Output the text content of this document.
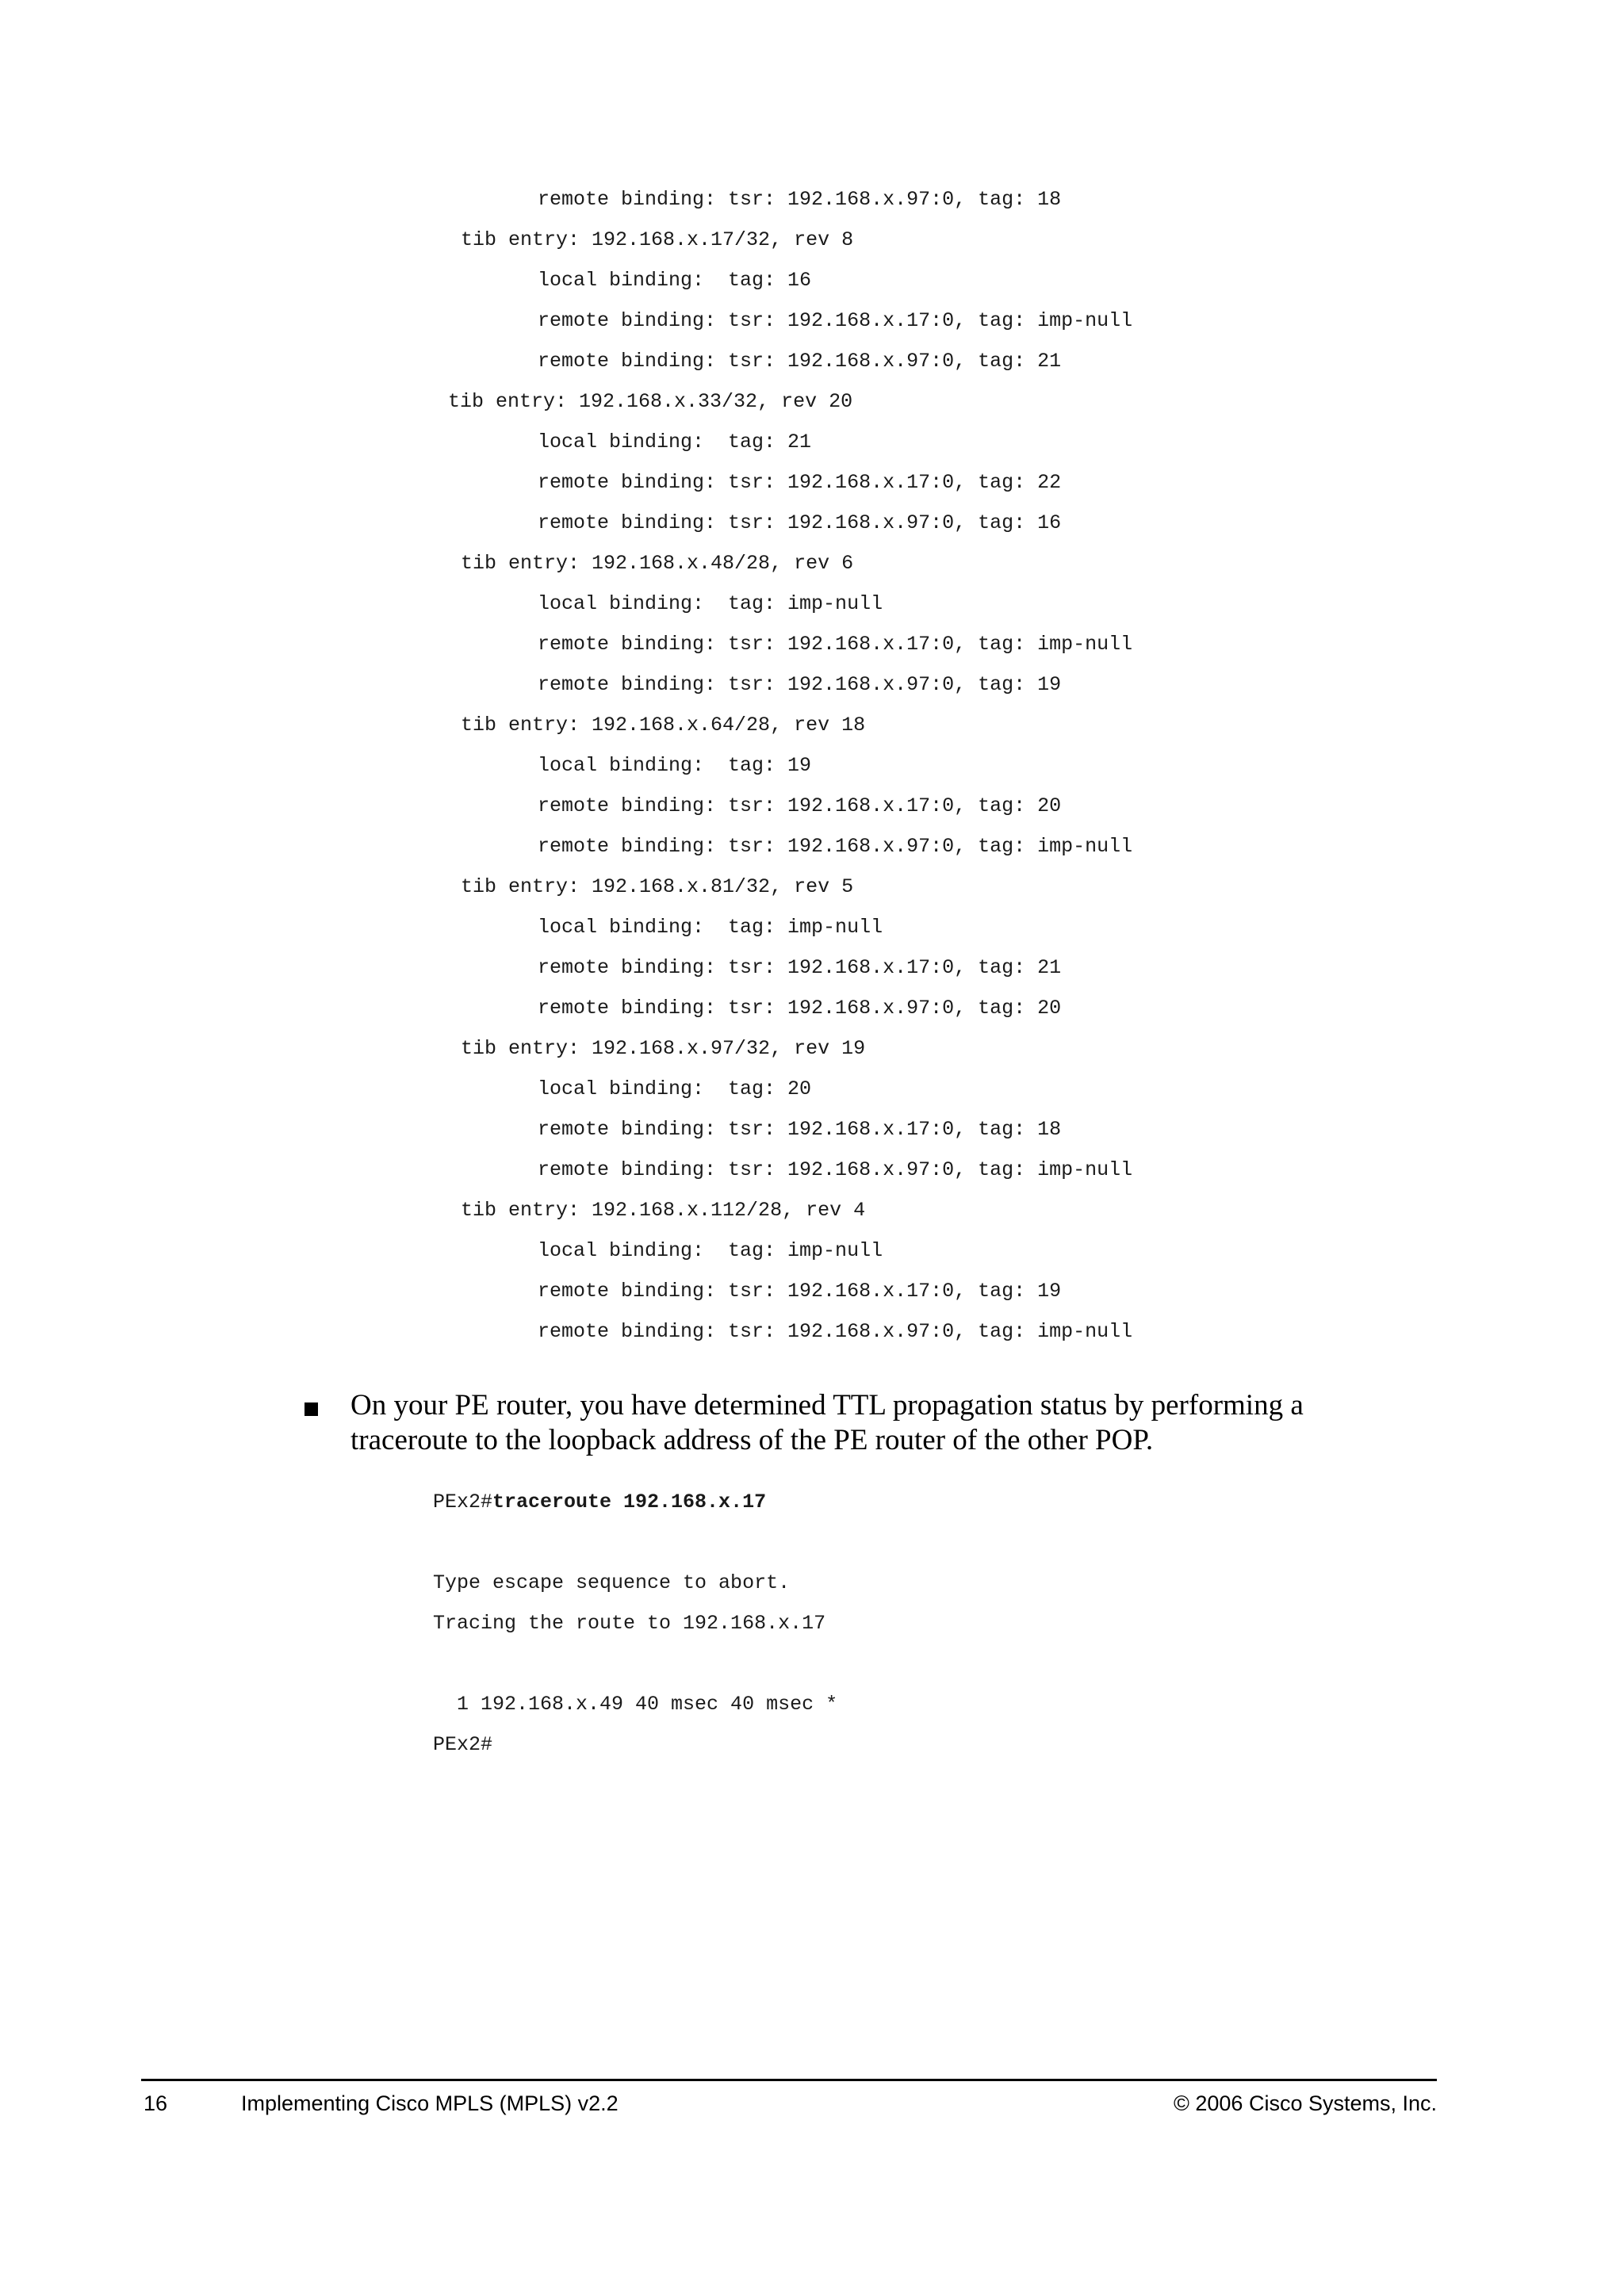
remote binding: tsr: 192.168.x.97:0, tag: 18
tib entry: 192.168.x.17/32, rev 8
local binding:  tag: 16
remote binding: tsr: 192.168.x.17:0, tag: imp-null
remote binding: tsr: 192.168.x.97:0, tag: 21
tib entry: 192.168.x.33/32, rev 20
local binding:  tag: 21
remote binding: tsr: 192.168.x.17:0, tag: 22
remote binding: tsr: 192.168.x.97:0, tag: 16
tib entry: 192.168.x.48/28, rev 6
local binding:  tag: imp-null
remote binding: tsr: 192.168.x.17:0, tag: imp-null
remote binding: tsr: 192.168.x.97:0, tag: 19
tib entry: 192.168.x.64/28, rev 18
local binding:  tag: 19
remote binding: tsr: 192.168.x.17:0, tag: 20
remote binding: tsr: 192.168.x.97:0, tag: imp-null
tib entry: 192.168.x.81/32, rev 5
local binding:  tag: imp-null
remote binding: tsr: 192.168.x.17:0, tag: 21
remote binding: tsr: 192.168.x.97:0, tag: 20
tib entry: 192.168.x.97/32, rev 19
local binding:  tag: 20
remote binding: tsr: 192.168.x.17:0, tag: 18
remote binding: tsr: 192.168.x.97:0, tag: imp-null
tib entry: 192.168.x.112/28, rev 4
local binding:  tag: imp-null
remote binding: tsr: 192.168.x.17:0, tag: 19
remote binding: tsr: 192.168.x.97:0, tag: imp-null
On your PE router, you have determined TTL propagation status by performing a traceroute to the loopback address of the PE router of the other POP.
PEx2#traceroute 192.168.x.17
Type escape sequence to abort.
Tracing the route to 192.168.x.17
1 192.168.x.49 40 msec 40 msec *
PEx2#
16	Implementing Cisco MPLS (MPLS) v2.2	© 2006 Cisco Systems, Inc.
